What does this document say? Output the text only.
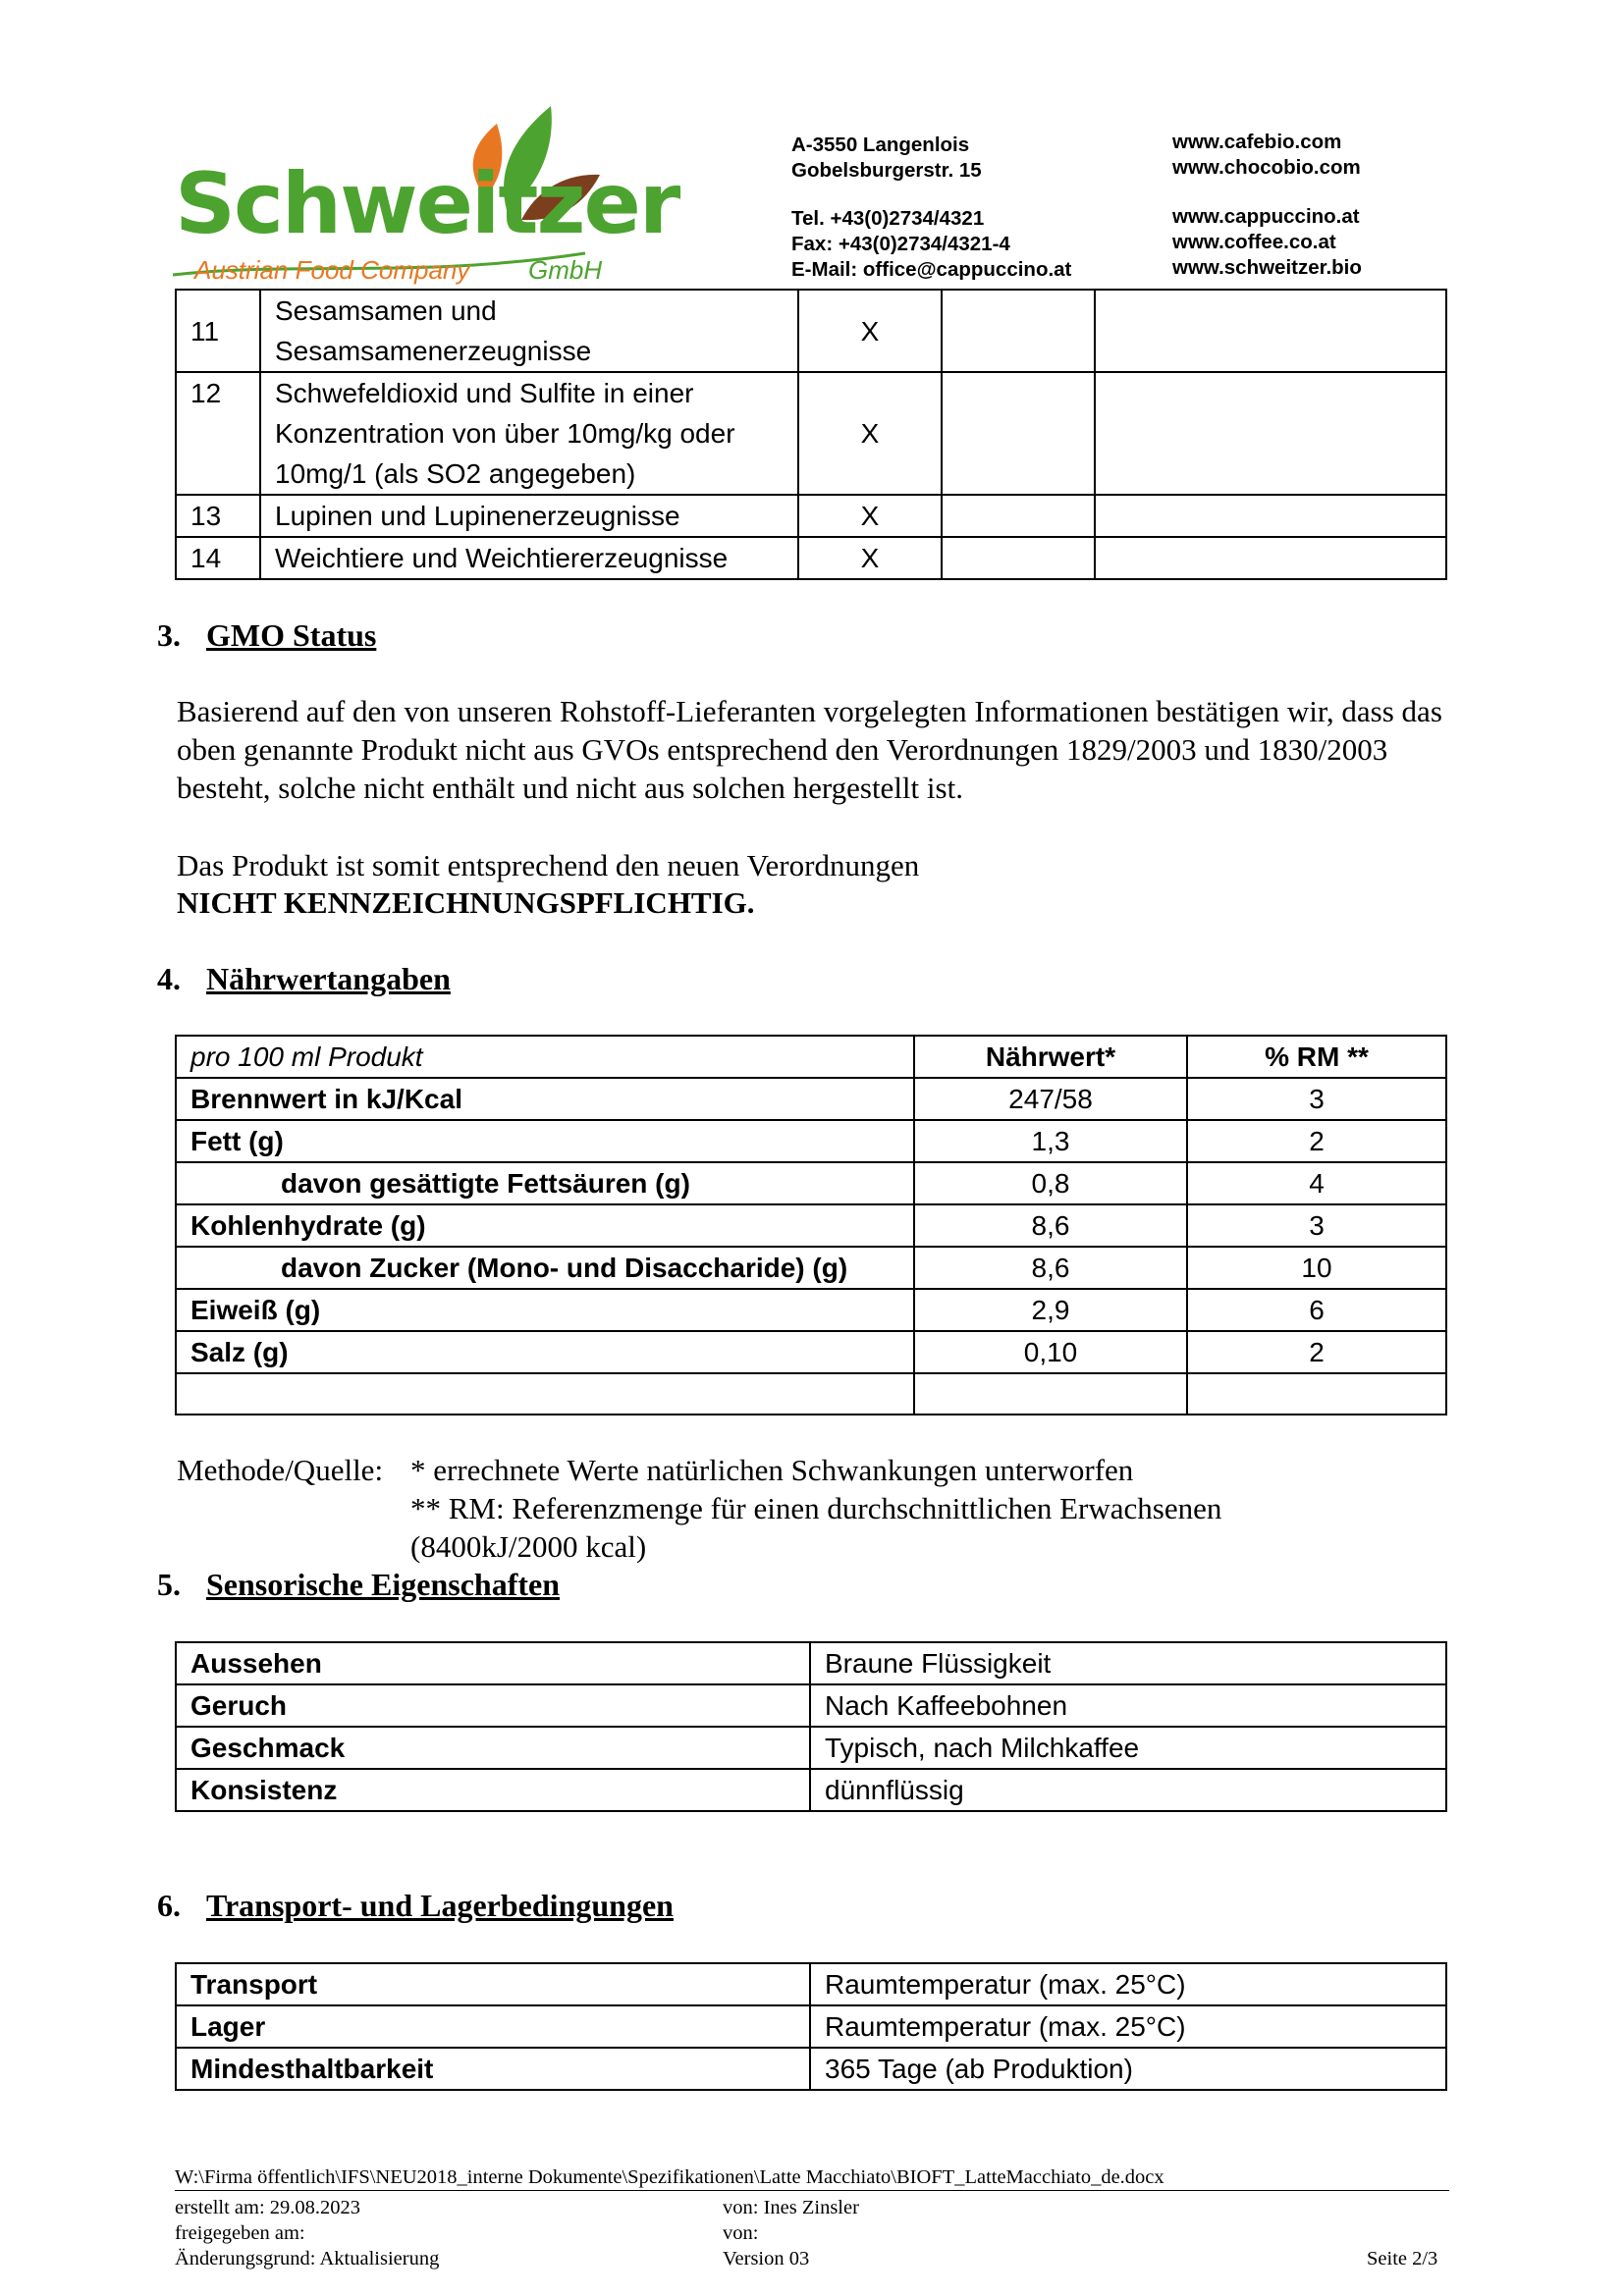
Schweitzer
Austrian Food Company GmbH
A-3550 Langenlois
Gobelsburgerstr. 15
Tel. +43(0)2734/4321
Fax: +43(0)2734/4321-4
E-Mail: office@cappuccino.at
www.cafebio.com
www.chocobio.com
www.cappuccino.at
www.coffee.co.at
www.schweitzer.bio
11	Sesamsamen und Sesamsamenerzeugnisse	X		
12	Schwefeldioxid und Sulfite in einer Konzentration von über 10mg/kg oder 10mg/1 (als SO2 angegeben)	X		
13	Lupinen und Lupinenerzeugnisse	X		
14	Weichtiere und Weichtiererzeugnisse	X		
3. GMO Status
Basierend auf den von unseren Rohstoff-Lieferanten vorgelegten Informationen bestätigen wir, dass das oben genannte Produkt nicht aus GVOs entsprechend den Verordnungen 1829/2003 und 1830/2003 besteht, solche nicht enthält und nicht aus solchen hergestellt ist.
Das Produkt ist somit entsprechend den neuen Verordnungen
NICHT KENNZEICHNUNGSPFLICHTIG.
4. Nährwertangaben
pro 100 ml Produkt	Nährwert*	% RM **
Brennwert in kJ/Kcal	247/58	3
Fett (g)	1,3	2
davon gesättigte Fettsäuren (g)	0,8	4
Kohlenhydrate (g)	8,6	3
davon Zucker (Mono- und Disaccharide) (g)	8,6	10
Eiweiß (g)	2,9	6
Salz (g)	0,10	2

Methode/Quelle: * errechnete Werte natürlichen Schwankungen unterworfen
** RM: Referenzmenge für einen durchschnittlichen Erwachsenen
(8400kJ/2000 kcal)
5. Sensorische Eigenschaften
Aussehen	Braune Flüssigkeit
Geruch	Nach Kaffeebohnen
Geschmack	Typisch, nach Milchkaffee
Konsistenz	dünnflüssig
6. Transport- und Lagerbedingungen
Transport	Raumtemperatur (max. 25°C)
Lager	Raumtemperatur (max. 25°C)
Mindesthaltbarkeit	365 Tage (ab Produktion)
W:\Firma öffentlich\IFS\NEU2018_interne Dokumente\Spezifikationen\Latte Macchiato\BIOFT_LatteMacchiato_de.docx
erstellt am: 29.08.2023
freigegeben am:
Änderungsgrund: Aktualisierung
von: Ines Zinsler
von:
Version 03	Seite 2/3
